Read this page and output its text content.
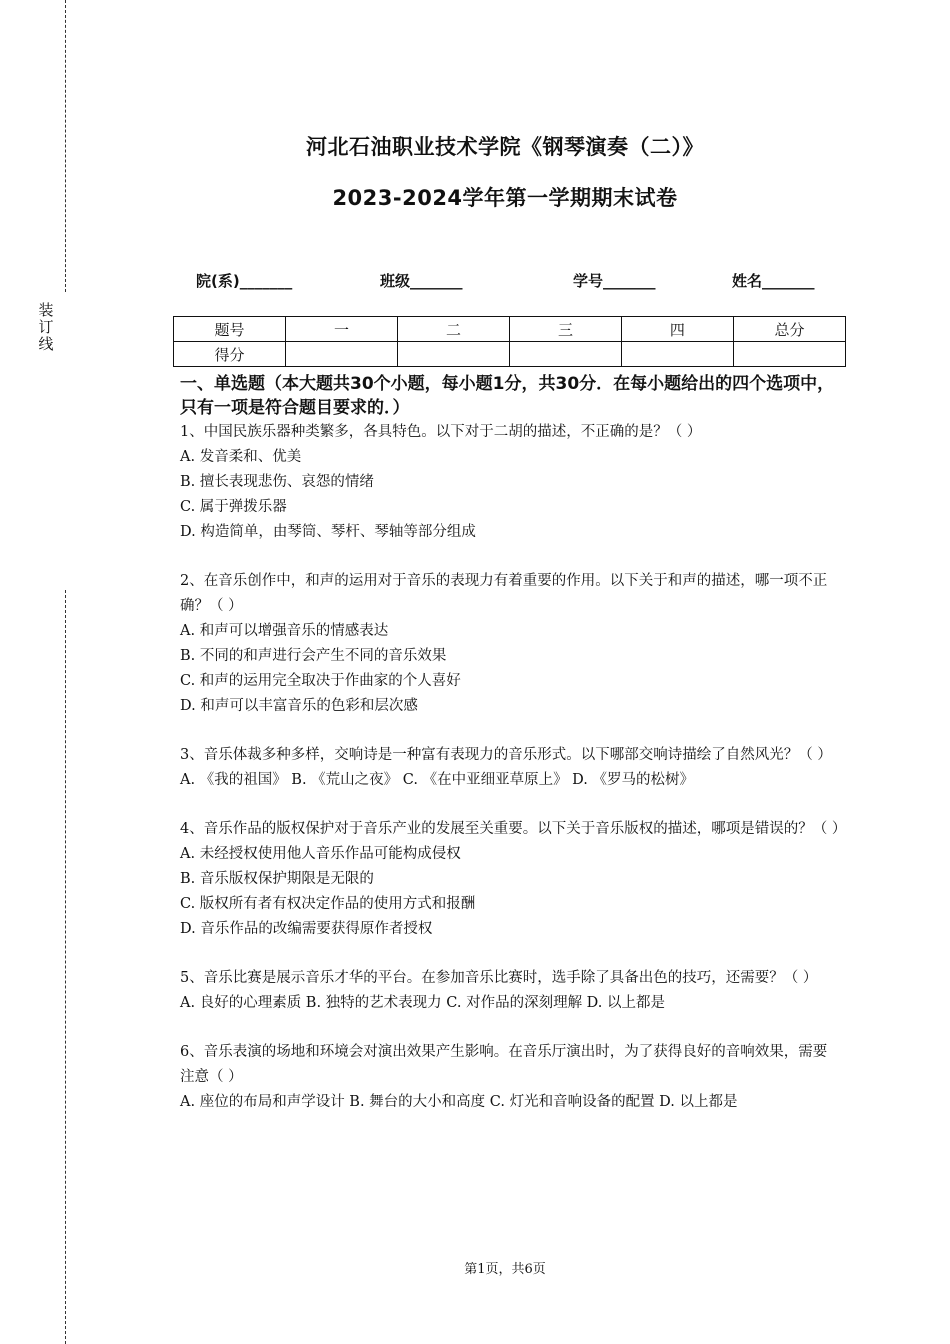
装订线
河北石油职业技术学院《钢琴演奏（二）》
2023-2024学年第一学期期末试卷
院(系)_______	班级_______	学号_______	姓名_______
题号	一	二	三	四	总分
得分					
一、单选题（本大题共30个小题，每小题1分，共30分．在每小题给出的四个选项中，只有一项是符合题目要求的．）

1、中国民族乐器种类繁多，各具特色。以下对于二胡的描述，不正确的是？（ ）

A. 发音柔和、优美

B. 擅长表现悲伤、哀怨的情绪

C. 属于弹拨乐器

D. 构造简单，由琴筒、琴杆、琴轴等部分组成

2、在音乐创作中，和声的运用对于音乐的表现力有着重要的作用。以下关于和声的描述，哪一项不正确？（ ）

A. 和声可以增强音乐的情感表达

B. 不同的和声进行会产生不同的音乐效果

C. 和声的运用完全取决于作曲家的个人喜好

D. 和声可以丰富音乐的色彩和层次感

3、音乐体裁多种多样，交响诗是一种富有表现力的音乐形式。以下哪部交响诗描绘了自然风光？（ ）

A. 《我的祖国》 B. 《荒山之夜》 C. 《在中亚细亚草原上》 D. 《罗马的松树》

4、音乐作品的版权保护对于音乐产业的发展至关重要。以下关于音乐版权的描述，哪项是错误的？（ ）

A. 未经授权使用他人音乐作品可能构成侵权

B. 音乐版权保护期限是无限的

C. 版权所有者有权决定作品的使用方式和报酬

D. 音乐作品的改编需要获得原作者授权

5、音乐比赛是展示音乐才华的平台。在参加音乐比赛时，选手除了具备出色的技巧，还需要？（ ）

A. 良好的心理素质 B. 独特的艺术表现力 C. 对作品的深刻理解 D. 以上都是

6、音乐表演的场地和环境会对演出效果产生影响。在音乐厅演出时，为了获得良好的音响效果，需要注意（ ）

A. 座位的布局和声学设计 B. 舞台的大小和高度 C. 灯光和音响设备的配置 D. 以上都是

第1页，共6页
